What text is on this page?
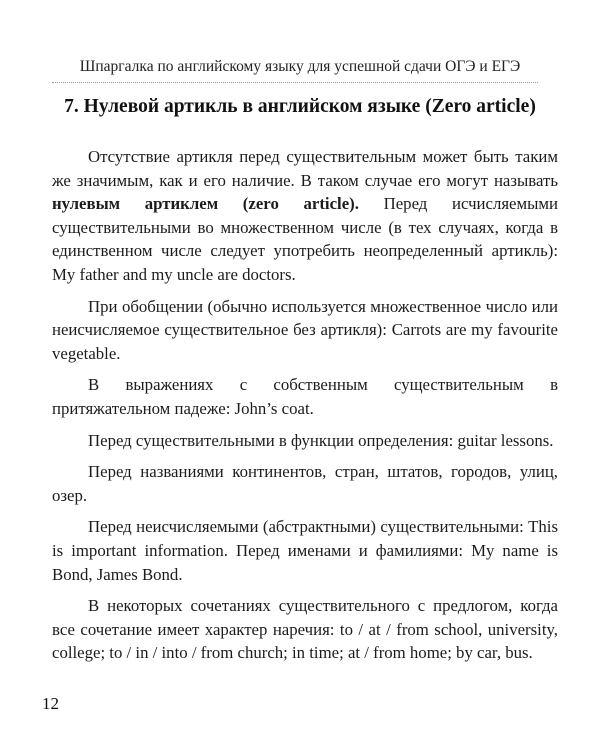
Шпаргалка по английскому языку для успешной сдачи ОГЭ и ЕГЭ
7. Нулевой артикль в английском языке (Zero article)

Отсутствие артикля перед существительным может быть таким же значимым, как и его наличие. В таком случае его могут называть нулевым артиклем (zero article). Перед исчисляемыми существительными во множественном числе (в тех случаях, когда в единственном числе следует употребить неопределенный артикль): My father and my uncle are doctors.

При обобщении (обычно используется множественное число или неисчисляемое существительное без артикля): Carrots are my favourite vegetable.

В выражениях с собственным существительным в притяжательном падеже: John’s coat.

Перед существительными в функции определения: guitar lessons.

Перед названиями континентов, стран, штатов, городов, улиц, озер.

Перед неисчисляемыми (абстрактными) существительными: This is important information. Перед именами и фамилиями: My name is Bond, James Bond.

В некоторых сочетаниях существительного с предлогом, когда все сочетание имеет характер наречия: to / at / from school, university, college; to / in / into / from church; in time; at / from home; by car, bus.

12
